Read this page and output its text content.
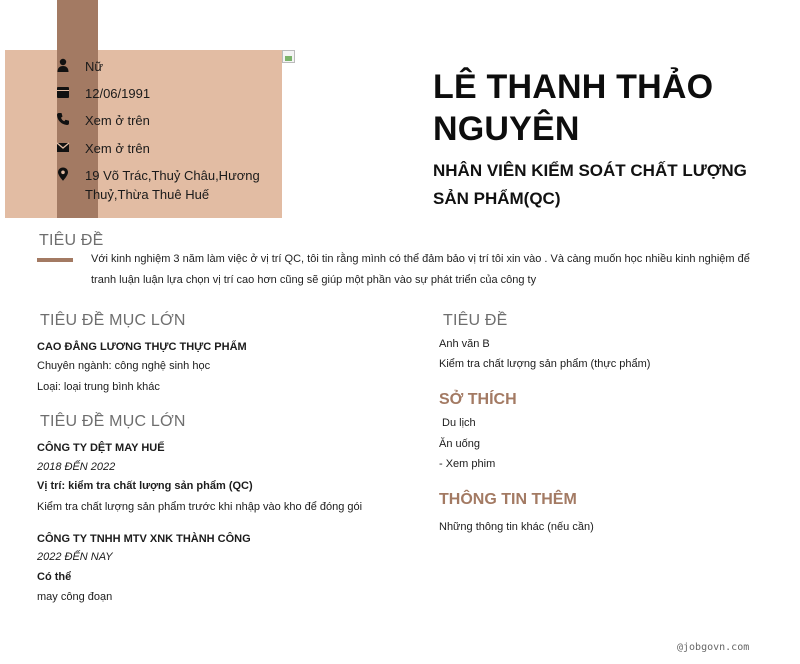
Nữ
12/06/1991
Xem ở trên
Xem ở trên
19 Võ Trác,Thuỷ Châu,Hương Thuỷ,Thừa Thuê Huế
LÊ THANH THẢO NGUYÊN
NHÂN VIÊN KIỂM SOÁT CHẤT LƯỢNG SẢN PHẨM(QC)
TIÊU ĐỀ
Với kinh nghiệm 3 năm làm việc ở vị trí QC, tôi tin rằng mình có thể đảm bảo vị trí tôi xin vào . Và càng muốn học nhiều kinh nghiệm để tranh luận luận lựa chọn vị trí cao hơn cũng sẽ giúp một phần vào sự phát triển của công ty
TIÊU ĐỀ MỤC LỚN
CAO ĐẲNG LƯƠNG THỰC THỰC PHẨM
Chuyên ngành: công nghệ sinh học
Loại: loại trung bình khác
TIÊU ĐỀ MỤC LỚN
CÔNG TY DỆT MAY HUẾ
2018 ĐẾN 2022
Vị trí: kiểm tra chất lượng sản phẩm (QC)
Kiểm tra chất lượng sản phẩm trước khi nhập vào kho để đóng gói
CÔNG TY TNHH MTV XNK THÀNH CÔNG
2022 ĐẾN NAY
Có thể
may công đoạn
TIÊU ĐỀ
Anh văn B
Kiểm tra chất lượng sản phẩm (thực phẩm)
SỞ THÍCH
Du lịch
Ăn uống
- Xem phim
THÔNG TIN THÊM
Những thông tin khác (nếu cần)
@jobgovn.com
